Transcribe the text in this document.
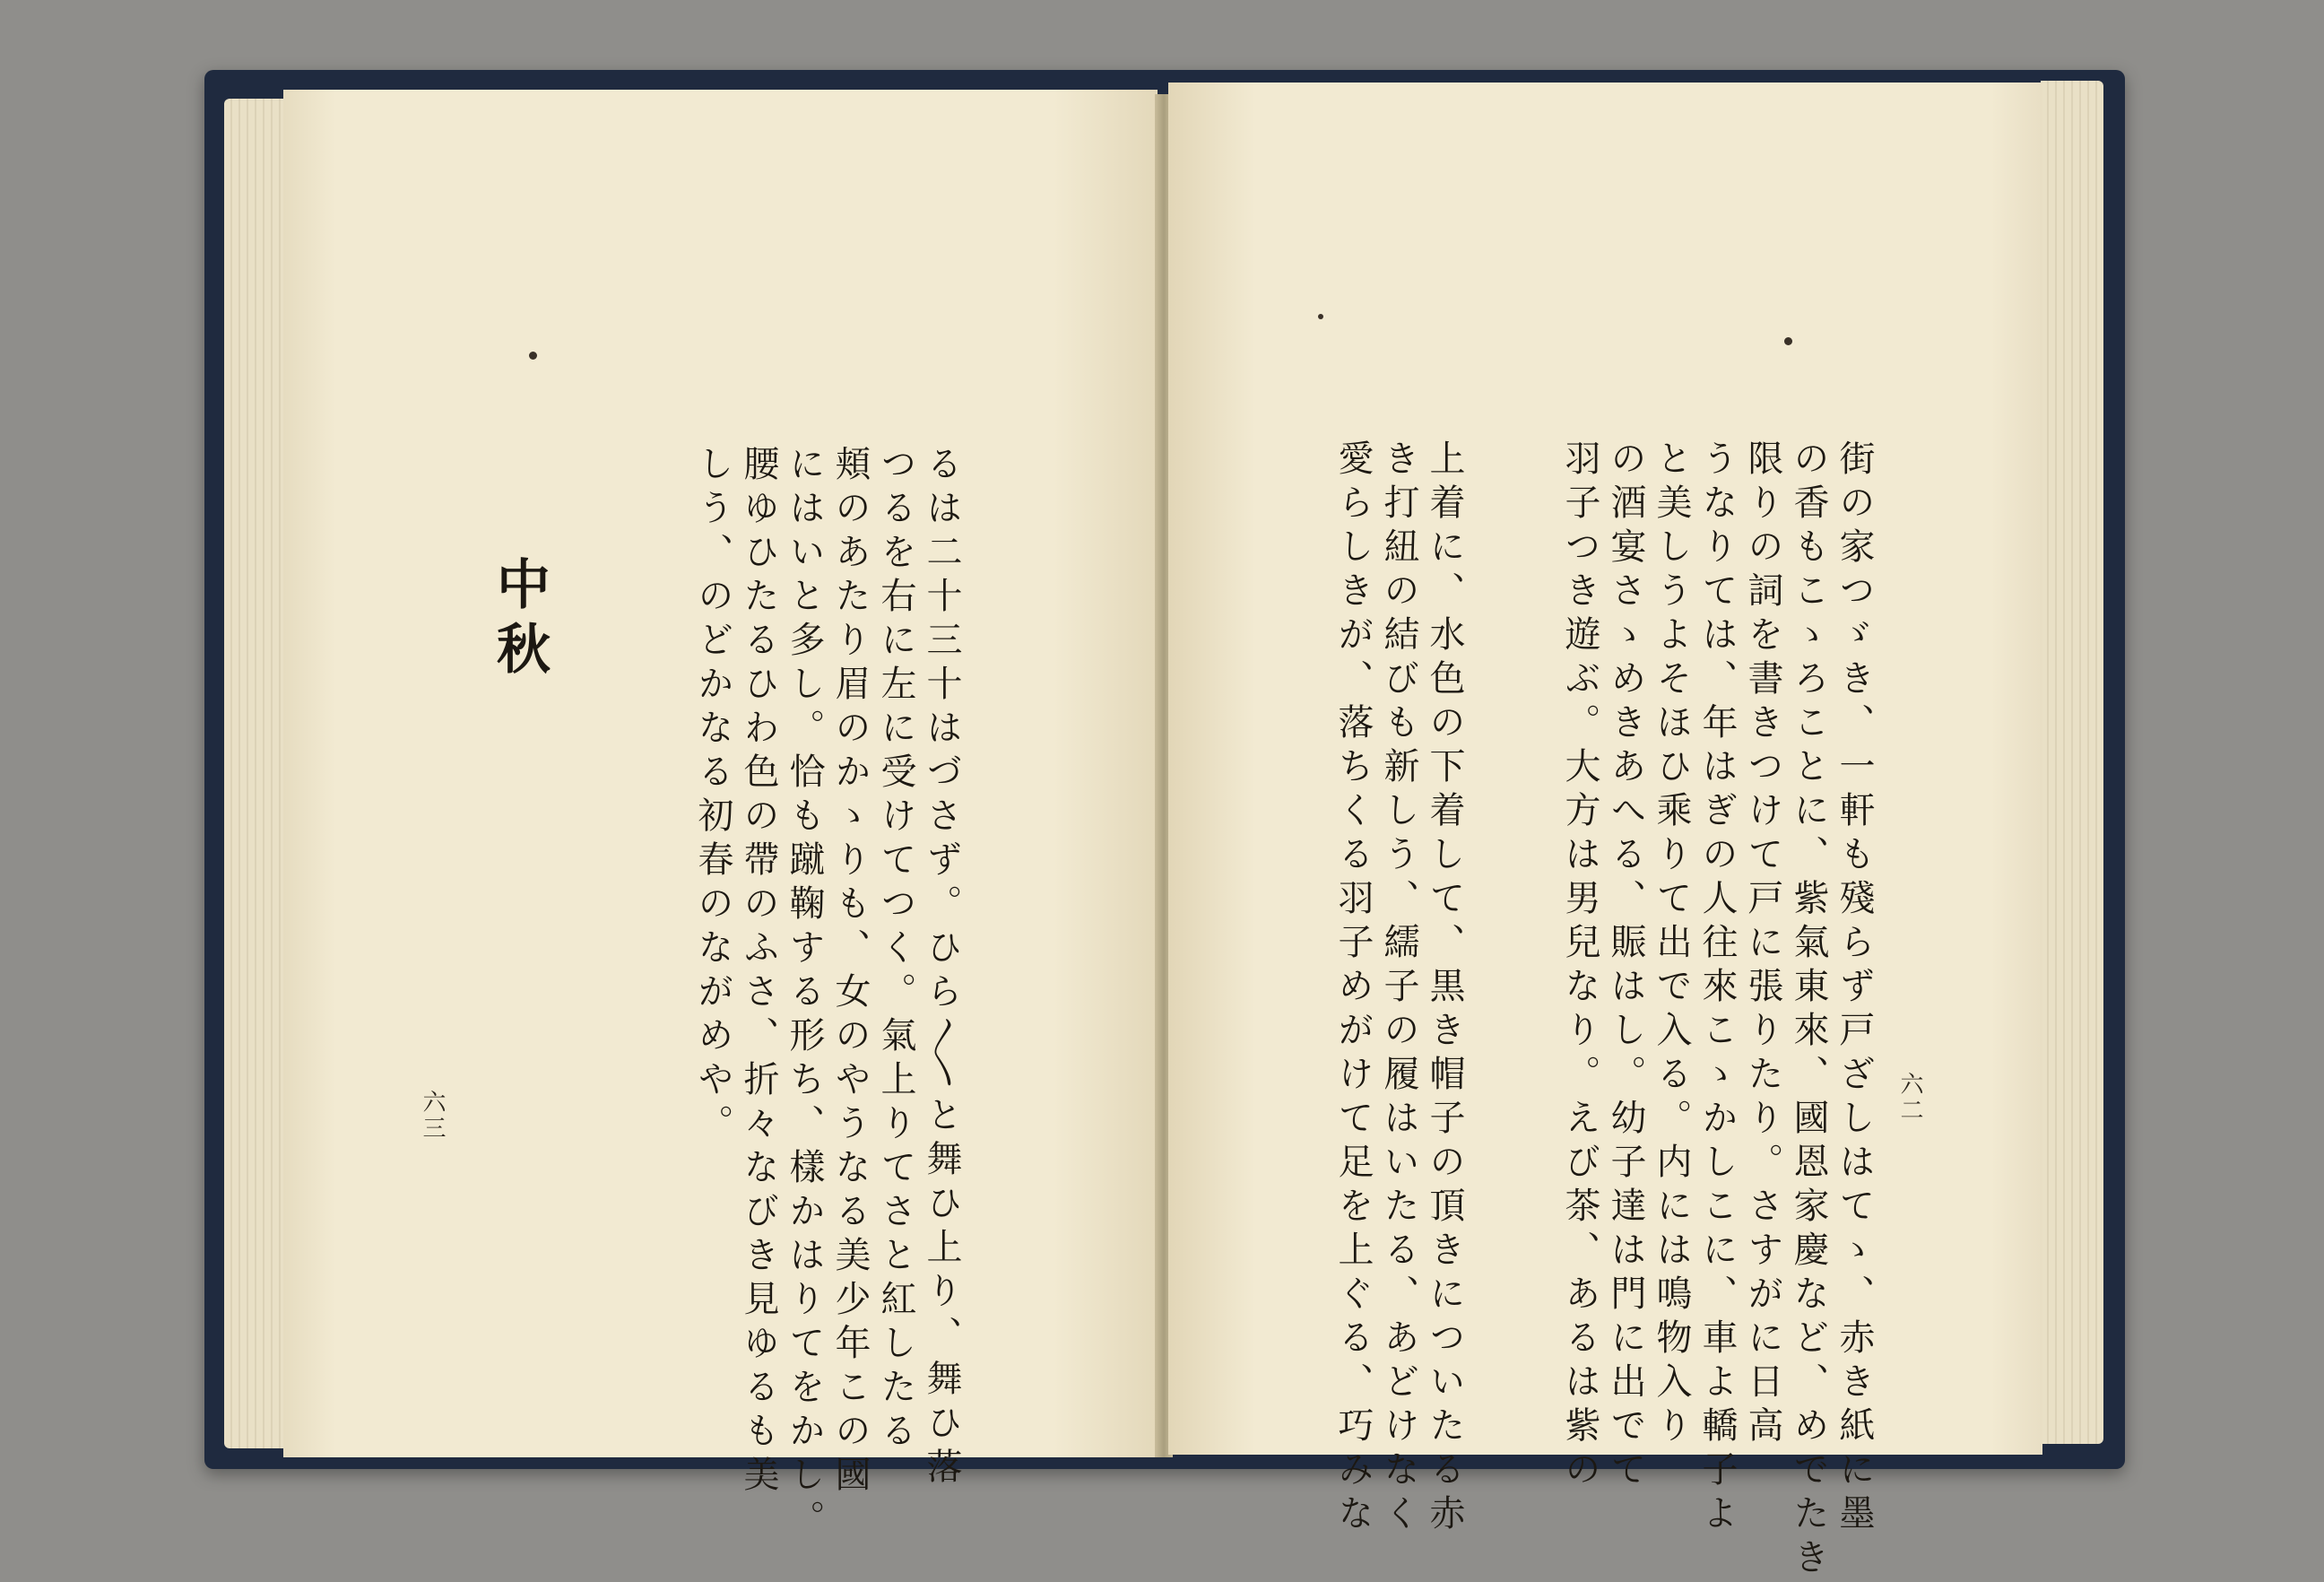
中秋
六三	るは二十三十はづさず。ひら〳〵と舞ひ上り、舞ひ落
つるを右に左に受けてつく。氣上りてさと紅したる
頬のあたり眉のかゝりも、女のやうなる美少年この國
にはいと多し。恰も蹴鞠する形ち、樣かはりてをかし。
腰ゆひたるひわ色の帶のふさ、折々なびき見ゆるも美
しう、のどかなる初春のながめや。	六二
街の家つゞき、一軒も殘らず戸ざしはてゝ、赤き紙に墨
の香もこゝろことに、紫氣東來、國恩家慶など、めでたき
限りの詞を書きつけて戸に張りたり。さすがに日高
うなりては、年はぎの人往來こゝかしこに、車よ轎子よ
と美しうよそほひ乘りて出で入る。内には鳴物入り
の酒宴さゝめきあへる、賑はし。幼子達は門に出でて
羽子つき遊ぶ。大方は男兒なり。えび茶、あるは紫の
上着に、水色の下着して、黒き帽子の頂きについたる赤
き打紐の結びも新しう、繻子の履はいたる、あどけなく
愛らしきが、落ちくる羽子めがけて足を上ぐる、巧みな
